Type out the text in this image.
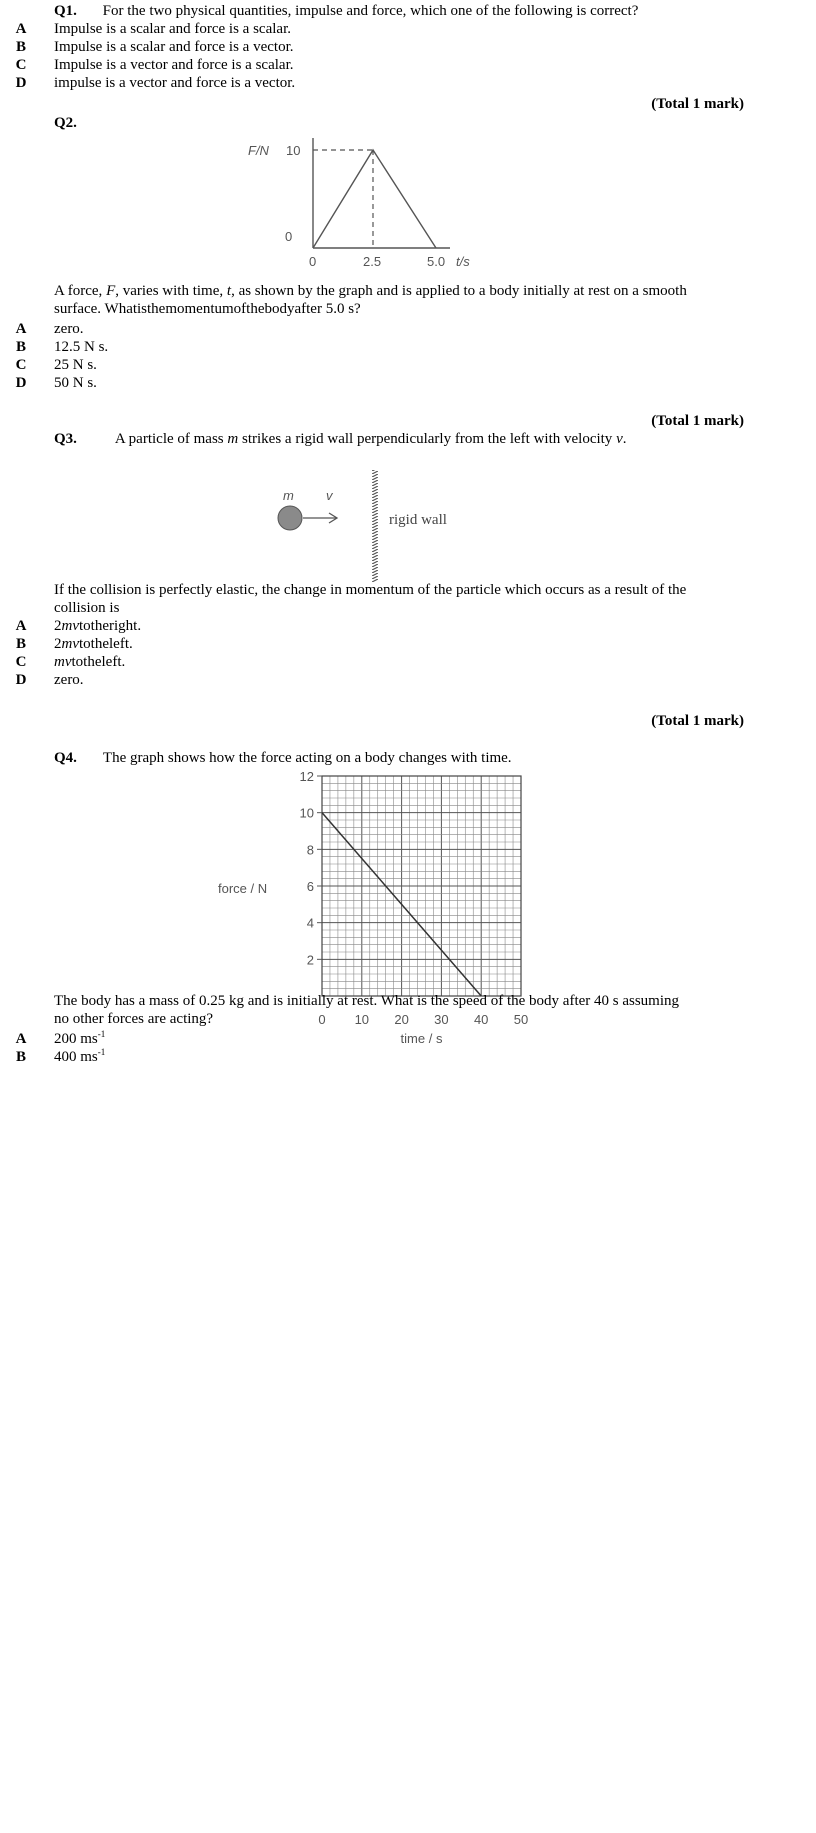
Q1. For the two physical quantities, impulse and force, which one of the following is correct?
A Impulse is a scalar and force is a scalar.
B Impulse is a scalar and force is a vector.
C Impulse is a vector and force is a scalar.
D impulse is a vector and force is a vector.
(Total 1 mark)
Q2.
F/N 10
0
0	2.5	5.0 t/s
A force, F, varies with time, t, as shown by the graph and is applied to a body initially at rest on a smooth
surface. Whatisthemomentumofthebodyafter 5.0 s?
A zero.
B 12.5 N s.
C 25 N s.
D 50 N s.
(Total 1 mark)
Q3.	A particle of mass m strikes a rigid wall perpendicularly from the left with velocity v.
m v
rigid wall
If the collision is perfectly elastic, the change in momentum of the particle which occurs as a result of the
collision is
A 2mvtotheright.
B 2mvtotheleft.
C mvtotheleft.
D zero.
(Total 1 mark)
Q4. The graph shows how the force acting on a body changes with time.
2
4
6
8
10
12
0 10 20 30 40 50
force / N
time / s
The body has a mass of 0.25 kg and is initially at rest. What is the speed of the body after 40 s assuming
no other forces are acting?
A 200 $ms^{-1}$
B 400 $ms^{-1}$
